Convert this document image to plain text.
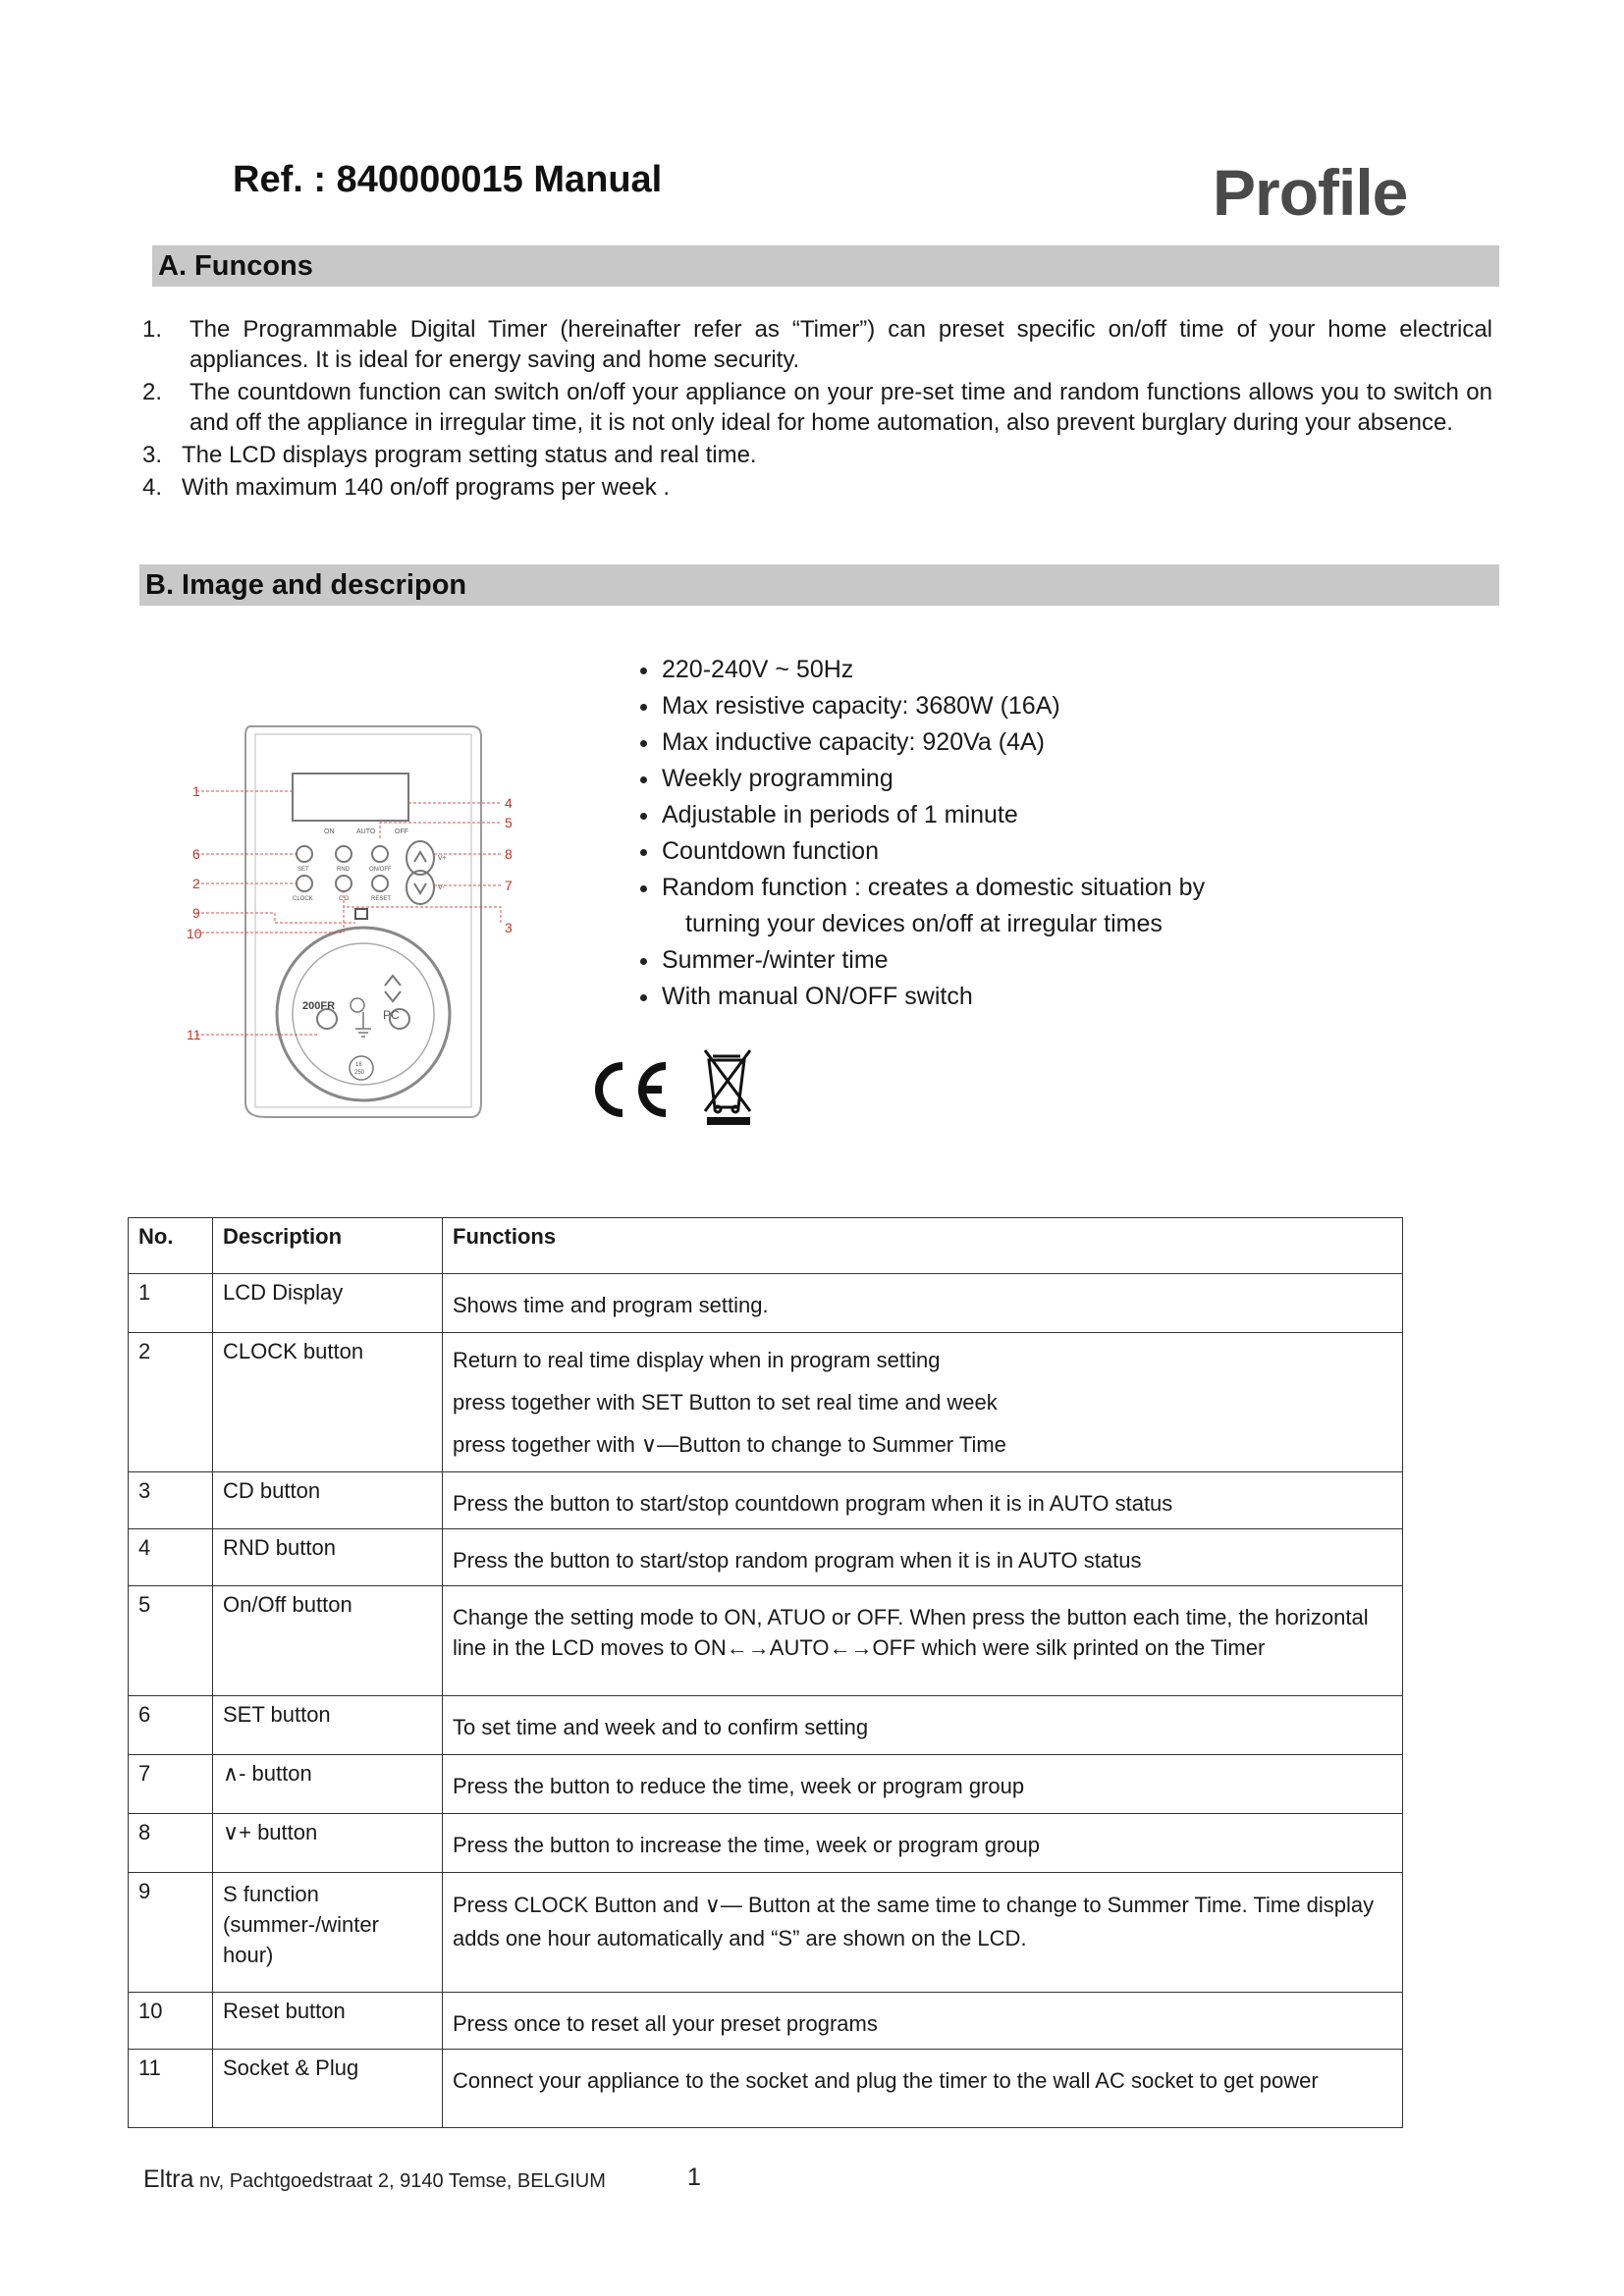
Ref. : 840000015 Manual	Profile
A. Funcons
1. The Programmable Digital Timer (hereinafter refer as “Timer”) can preset specific on/off time of your home electrical appliances. It is ideal for energy saving and home security.
2. The countdown function can switch on/off your appliance on your pre-set time and random functions allows you to switch on and off the appliance in irregular time, it is not only ideal for home automation, also prevent burglary during your absence.
3. The LCD displays program setting status and real time.
4. With maximum 140 on/off programs per week .
B. Image and descripon
ON	AUTO	OFF
SET	RND	ON/OFF
CLOCK	C.D	RESET
V+
V-
200FR
PC
16
250
1
6
2
9
10
11
4
5
8
7
3
220-240V ~ 50Hz
Max resistive capacity: 3680W (16A)
Max inductive capacity: 920Va (4A)
Weekly programming
Adjustable in periods of 1 minute
Countdown function
Random function : creates a domestic situation by
turning your devices on/off at irregular times
Summer-/winter time
With manual ON/OFF switch
No.	Description	Functions
1	LCD Display	Shows time and program setting.

2	CLOCK button	Return to real time display when in program setting
press together with SET Button to set real time and week
press together with ∨—Button to change to Summer Time

3	CD button	Press the button to start/stop countdown program when it is in AUTO status

4	RND button	Press the button to start/stop random program when it is in AUTO status

5	On/Off button	Change the setting mode to ON, ATUO or OFF. When press the button each time, the horizontal line in the LCD moves to ON←→AUTO←→OFF which were silk printed on the Timer

6	SET button	To set time and week and to confirm setting

7	∧- button	Press the button to reduce the time, week or program group

8	∨+ button	Press the button to increase the time, week or program group

9	S function (summer-/winter hour)	Press CLOCK Button and ∨— Button at the same time to change to Summer Time. Time display adds one hour automatically and “S” are shown on the LCD.

10	Reset button	Press once to reset all your preset programs

11	Socket & Plug	Connect your appliance to the socket and plug the timer to the wall AC socket to get power
Eltra nv, Pachtgoedstraat 2, 9140 Temse, BELGIUM	1
